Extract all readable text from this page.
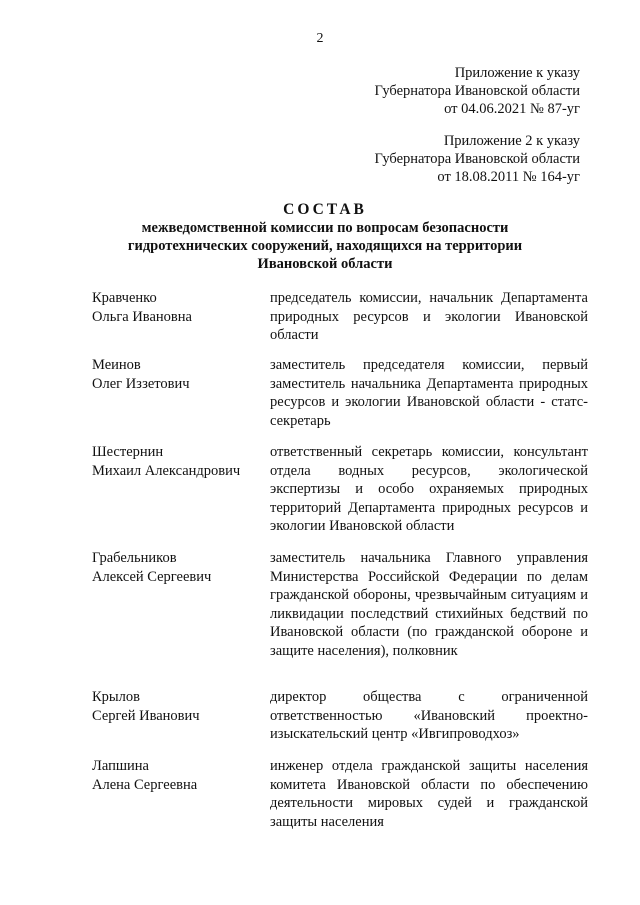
2
Приложение к указу
Губернатора Ивановской области
от 04.06.2021 № 87-уг
Приложение 2 к указу
Губернатора Ивановской области
от 18.08.2011 № 164-уг
СОСТАВ
межведомственной комиссии по вопросам безопасности
гидротехнических сооружений, находящихся на территории
Ивановской области
Кравченко
Ольга Ивановна
председатель комиссии, начальник Департамента природных ресурсов и экологии Ивановской области
Меинов
Олег Иззетович
заместитель председателя комиссии, первый заместитель начальника Департамента природных ресурсов и экологии Ивановской области - статс-секретарь
Шестернин
Михаил Александрович
ответственный секретарь комиссии, консультант отдела водных ресурсов, экологической экспертизы и особо охраняемых природных территорий Департамента природных ресурсов и экологии Ивановской области
Грабельников
Алексей Сергеевич
заместитель начальника Главного управления Министерства Российской Федерации по делам гражданской обороны, чрезвычайным ситуациям и ликвидации последствий стихийных бедствий по Ивановской области (по гражданской обороне и защите населения), полковник
Крылов
Сергей Иванович
директор общества с ограниченной ответственностью «Ивановский проектно-изыскательский центр «Ивгипроводхоз»
Лапшина
Алена Сергеевна
инженер отдела гражданской защиты населения комитета Ивановской области по обеспечению деятельности мировых судей и гражданской защиты населения
